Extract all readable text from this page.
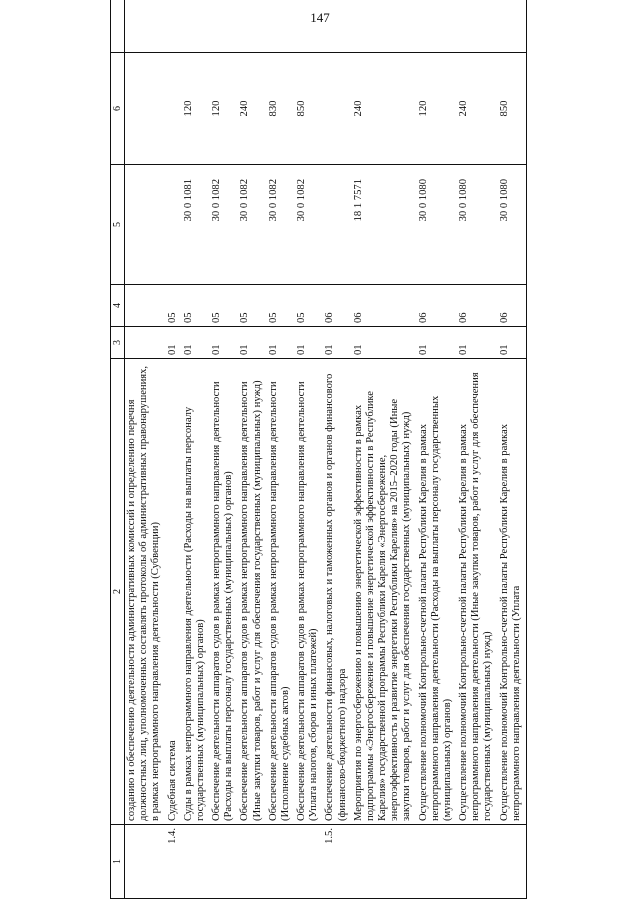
147
1	2	3	4	5	6	
	созданию и обеспечению деятельности административных комиссий и определению перечня должностных лиц, уполномоченных составлять протоколы об административных правонарушениях, в рамках непрограммного направления деятельности (Субвенции)					
1.4.	Судебная система	01	05			
	Суды в рамках непрограммного направления деятельности (Расходы на выплаты персоналу государственных (муниципальных) органов)	01	05	30 0 1081	120	
	Обеспечение деятельности аппаратов судов в рамках непрограммного направления деятельности (Расходы на выплаты персоналу государственных (муниципальных) органов)	01	05	30 0 1082	120	
	Обеспечение деятельности аппаратов судов в рамках непрограммного направления деятельности (Иные закупки товаров, работ и услуг для обеспечения государственных (муниципальных) нужд)	01	05	30 0 1082	240	
	Обеспечение деятельности аппаратов судов в рамках непрограммного направления деятельности (Исполнение судебных актов)	01	05	30 0 1082	830	
	Обеспечение деятельности аппаратов судов в рамках непрограммного направления деятельности (Уплата налогов, сборов и иных платежей)	01	05	30 0 1082	850	
1.5.	Обеспечение деятельности финансовых, налоговых и таможенных органов и органов финансового (финансово-бюджетного) надзора	01	06			
	Мероприятия по энергосбережению и повышению энергетической эффективности в рамках подпрограммы «Энергосбережение и повышение энергетической эффективности в Республике Карелия» государственной программы Республики Карелия «Энергосбережение, энергоэффективность и развитие энергетики Республики Карелия» на 2015–2020 годы (Иные закупки товаров, работ и услуг для обеспечения государственных (муниципальных) нужд)	01	06	18 1 7571	240	
	Осуществление полномочий Контрольно-счетной палаты Республики Карелия в рамках непрограммного направления деятельности (Расходы на выплаты персоналу государственных (муниципальных) органов)	01	06	30 0 1080	120	
	Осуществление полномочий Контрольно-счетной палаты Республики Карелия в рамках непрограммного направления деятельности (Иные закупки товаров, работ и услуг для обеспечения государственных (муниципальных) нужд)	01	06	30 0 1080	240	
	Осуществление полномочий Контрольно-счетной палаты Республики Карелия в рамках непрограммного направления деятельности (Уплата	01	06	30 0 1080	850	
